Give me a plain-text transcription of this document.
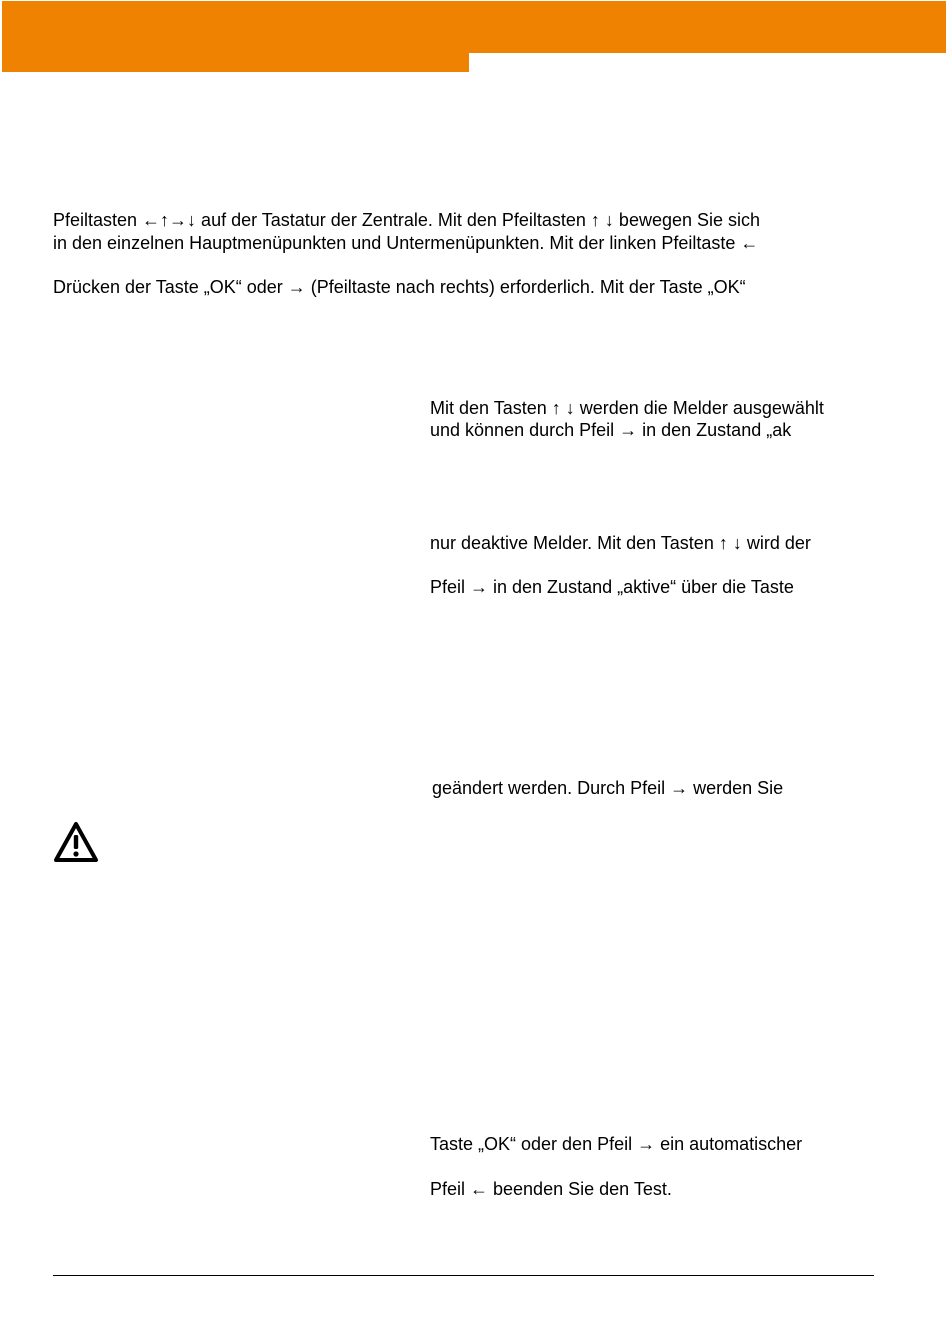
Pfeiltasten ←↑→↓ auf der Tastatur der Zentrale. Mit den Pfeiltasten ↑ ↓ bewegen Sie sich
in den einzelnen Hauptmenüpunkten und Untermenüpunkten. Mit der linken Pfeiltaste ←
Drücken der Taste „OK“ oder → (Pfeiltaste nach rechts) erforderlich. Mit der Taste „OK“
Mit den Tasten ↑ ↓ werden die Melder ausgewählt
und können durch Pfeil → in den Zustand „ak
nur deaktive Melder. Mit den Tasten ↑ ↓ wird der
Pfeil → in den Zustand „aktive“ über die Taste
geändert werden. Durch Pfeil → werden Sie
Taste „OK“ oder den Pfeil → ein automatischer
Pfeil ← beenden Sie den Test.
